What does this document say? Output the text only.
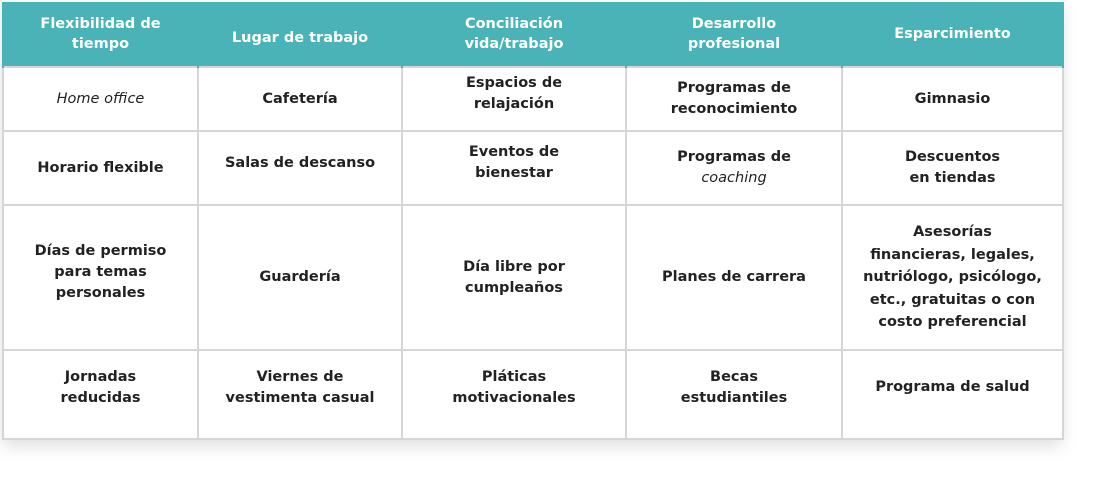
Flexibilidad de
tiempo	Lugar de trabajo	Conciliación
vida/trabajo	Desarrollo
profesional	Esparcimiento

Home office	Cafetería	Espacios de
relajación	Programas de
reconocimiento	Gimnasio

Horario flexible	Salas de descanso	Eventos de
bienestar	Programas de
coaching	Descuentos
en tiendas

Días de permiso
para temas
personales	Guardería	Día libre por
cumpleaños	Planes de carrera	Asesorías
financieras, legales,
nutriólogo, psicólogo,
etc., gratuitas o con
costo preferencial

Jornadas
reducidas	Viernes de
vestimenta casual	Pláticas
motivacionales	Becas
estudiantiles	Programa de salud
